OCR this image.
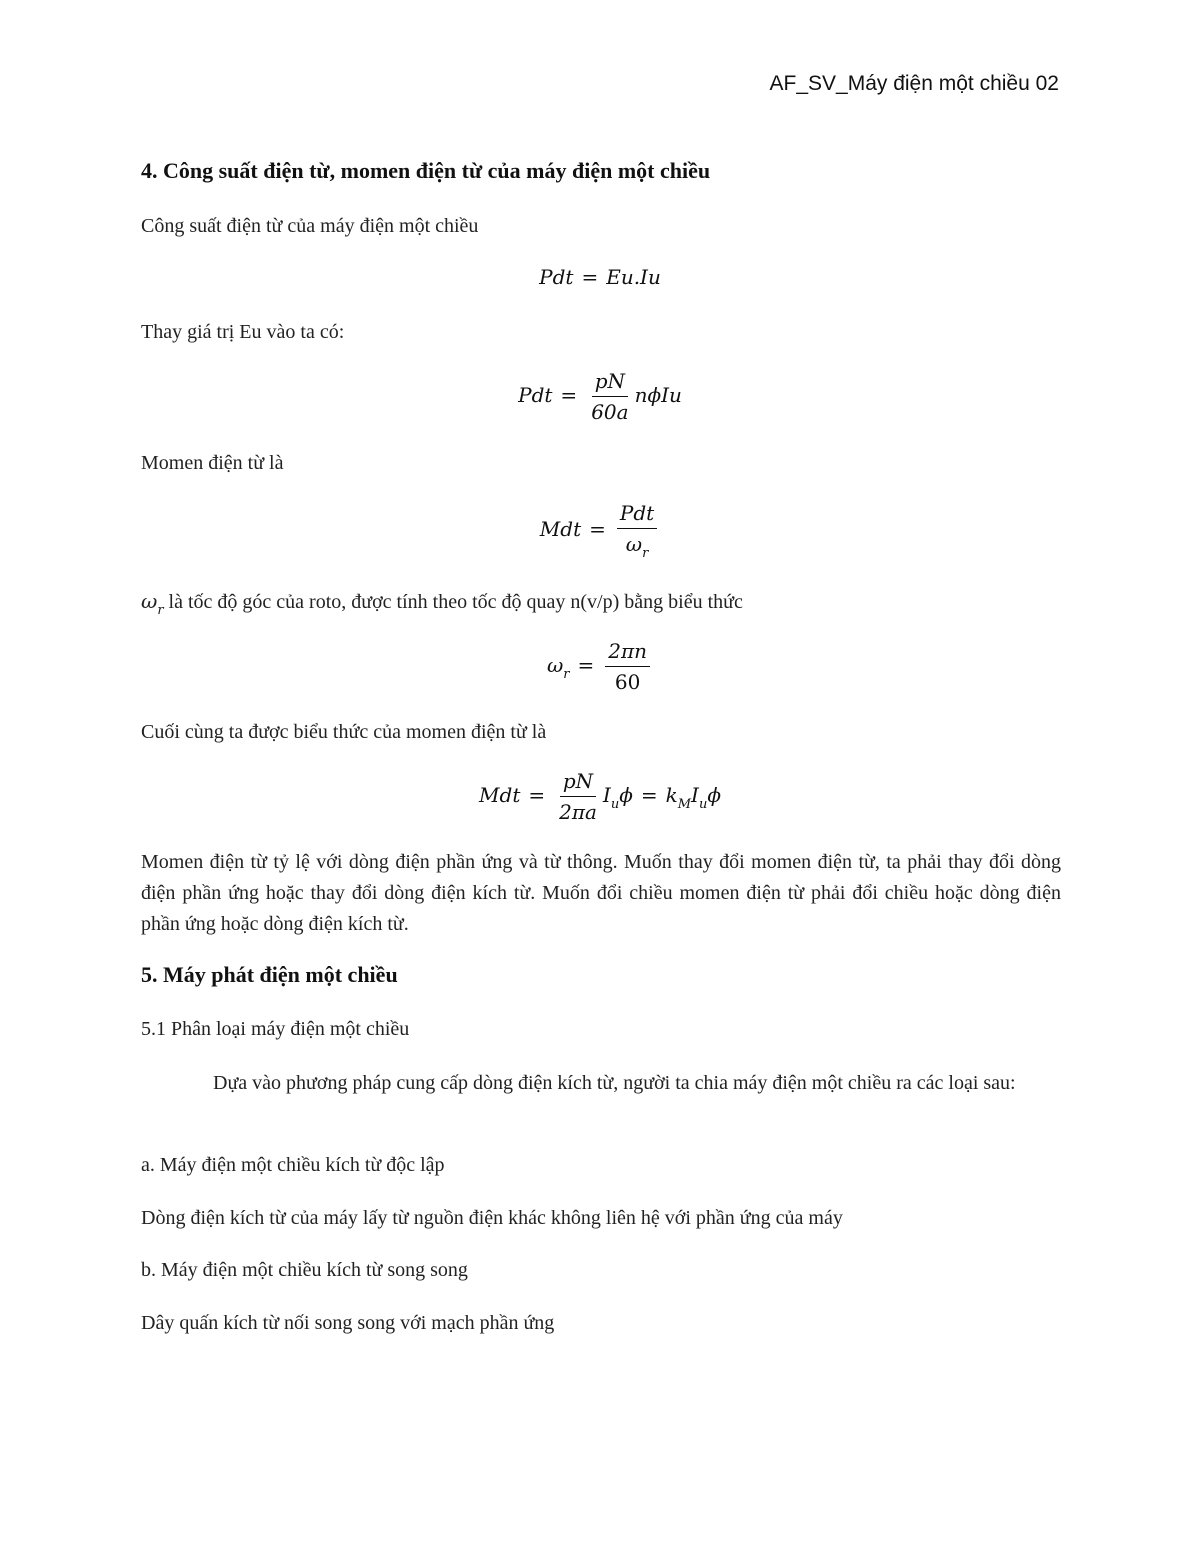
AF_SV_Máy điện một chiều 02
4. Công suất điện từ, momen điện từ của máy điện một chiều
Công suất điện từ của máy điện một chiều
Pdt = Eu.Iu
Thay giá trị Eu vào ta có:
Pdt = $\frac{pN}{60a}$ nϕIu
Momen điện từ là
Mdt = $\frac{\text{Pdt}}{\omega_r}$
$\omega_r$ là tốc độ góc của roto, được tính theo tốc độ quay n(v/p) bằng biểu thức
$\omega_r = \frac{2\pi n}{60}$
Cuối cùng ta được biểu thức của momen điện từ là
Mdt = $\frac{pN}{2\pi a} I_u\phi = k_MI_u\phi$
Momen điện từ tỷ lệ với dòng điện phần ứng và từ thông. Muốn thay đổi momen điện từ, ta phải thay đổi dòng điện phần ứng hoặc thay đổi dòng điện kích từ. Muốn đổi chiều momen điện từ phải đổi chiều hoặc dòng điện phần ứng hoặc dòng điện kích từ.
5. Máy phát điện một chiều
5.1 Phân loại máy điện một chiều
Dựa vào phương pháp cung cấp dòng điện kích từ, người ta chia máy điện một chiều ra các loại sau:
a. Máy điện một chiều kích từ độc lập
Dòng điện kích từ của máy lấy từ nguồn điện khác không liên hệ với phần ứng của máy
b. Máy điện một chiều kích từ song song
Dây quấn kích từ nối song song với mạch phần ứng
